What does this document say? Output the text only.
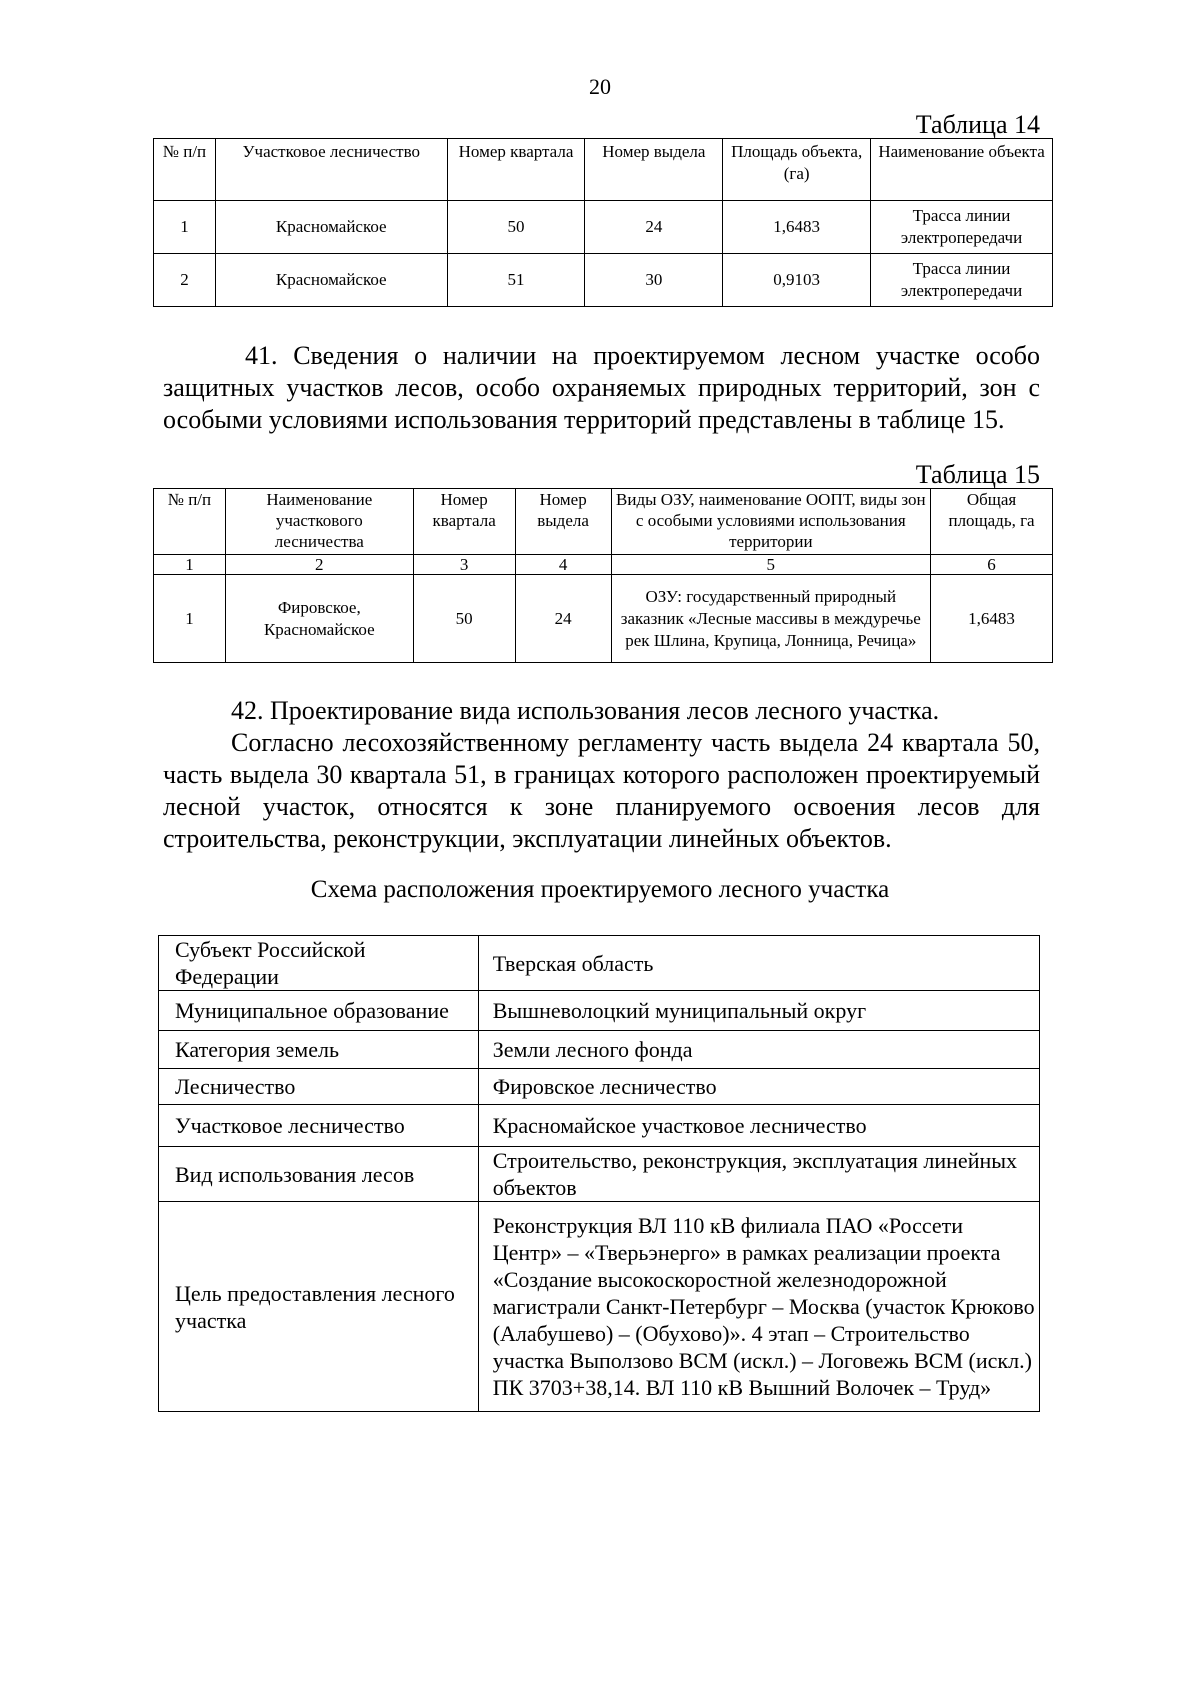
20
Таблица 14
№ п/п	Участковое лесничество	Номер квартала	Номер выдела	Площадь объекта, (га)	Наименование объекта
1	Красномайское	50	24	1,6483	Трасса линии электропередачи
2	Красномайское	51	30	0,9103	Трасса линии электропередачи

41. Сведения о наличии на проектируемом лесном участке особо защитных участков лесов, особо охраняемых природных территорий, зон с особыми условиями использования территорий представлены в таблице 15.

Таблица 15
№ п/п	Наименование участкового лесничества	Номер квартала	Номер выдела	Виды ОЗУ, наименование ООПТ, виды зон с особыми условиями использования территории	Общая площадь, га
1	2	3	4	5	6
1	Фировское, Красномайское	50	24	ОЗУ: государственный природный заказник «Лесные массивы в междуречье рек Шлина, Крупица, Лонница, Речица»	1,6483

42. Проектирование вида использования лесов лесного участка.

Согласно лесохозяйственному регламенту часть выдела 24 квартала 50, часть выдела 30 квартала 51, в границах которого расположен проектируемый лесной участок, относятся к зоне планируемого освоения лесов для строительства, реконструкции, эксплуатации линейных объектов.

Схема расположения проектируемого лесного участка
Субъект Российской Федерации	Тверская область
Муниципальное образование	Вышневолоцкий муниципальный округ
Категория земель	Земли лесного фонда
Лесничество	Фировское лесничество
Участковое лесничество	Красномайское участковое лесничество
Вид использования лесов	Строительство, реконструкция, эксплуатация линейных объектов
Цель предоставления лесного участка	Реконструкция ВЛ 110 кВ филиала ПАО «Россети Центр» – «Тверьэнерго» в рамках реализации проекта «Создание высокоскоростной железнодорожной магистрали Санкт-Петербург – Москва (участок Крюково (Алабушево) – (Обухово)». 4 этап – Строительство участка Выползово ВСМ (искл.) – Логовежь ВСМ (искл.) ПК 3703+38,14. ВЛ 110 кВ Вышний Волочек – Труд»
